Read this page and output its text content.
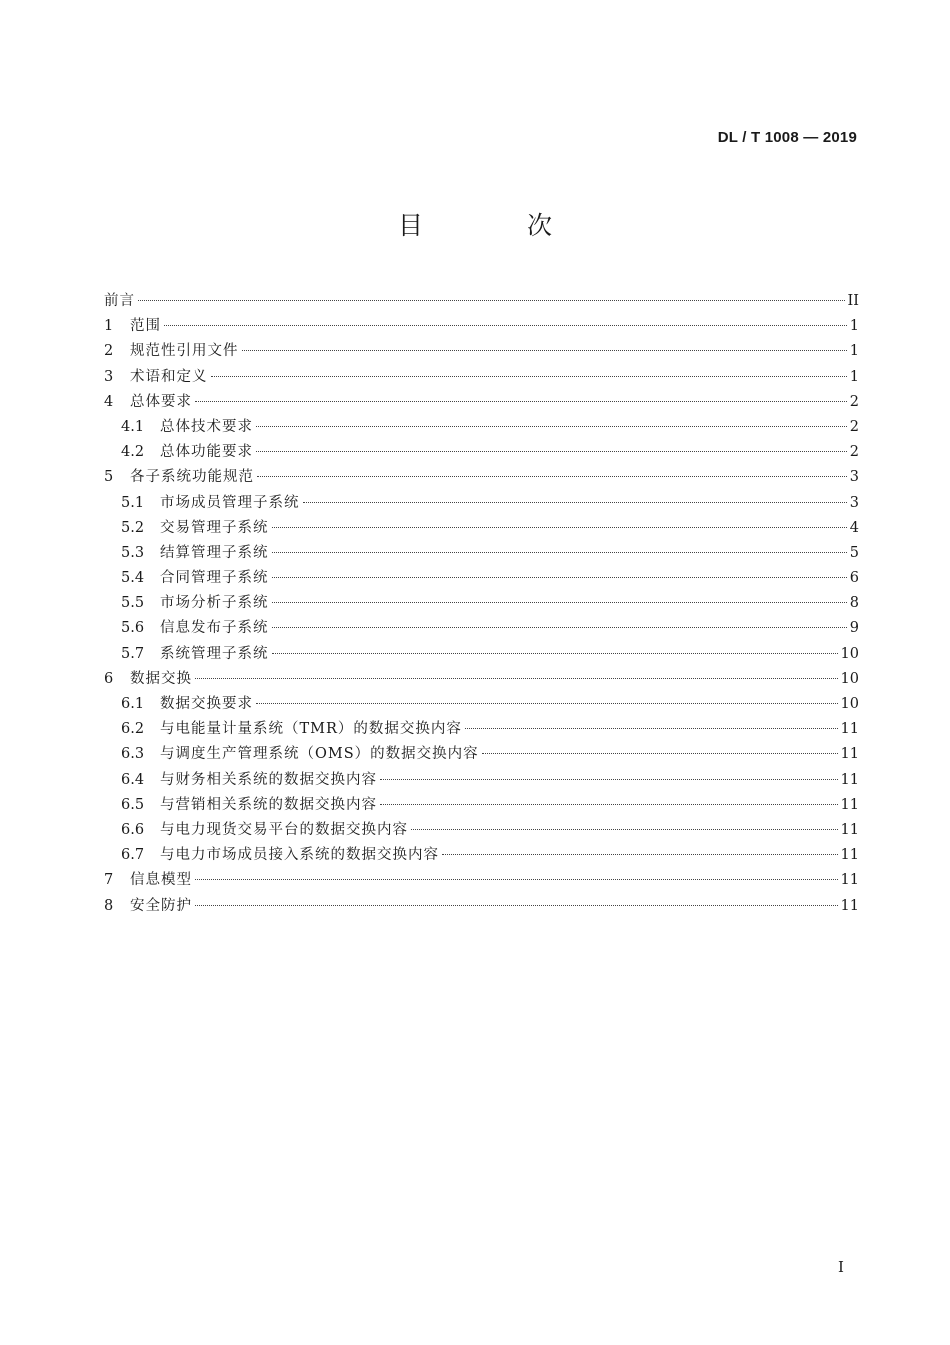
DL / T 1008 — 2019
目 次
前言	II
1	范围	1
2	规范性引用文件	1
3	术语和定义	1
4	总体要求	2
4.1	总体技术要求	2
4.2	总体功能要求	2
5	各子系统功能规范	3
5.1	市场成员管理子系统	3
5.2	交易管理子系统	4
5.3	结算管理子系统	5
5.4	合同管理子系统	6
5.5	市场分析子系统	8
5.6	信息发布子系统	9
5.7	系统管理子系统	10
6	数据交换	10
6.1	数据交换要求	10
6.2	与电能量计量系统（TMR）的数据交换内容	11
6.3	与调度生产管理系统（OMS）的数据交换内容	11
6.4	与财务相关系统的数据交换内容	11
6.5	与营销相关系统的数据交换内容	11
6.6	与电力现货交易平台的数据交换内容	11
6.7	与电力市场成员接入系统的数据交换内容	11
7	信息模型	11
8	安全防护	11
I
